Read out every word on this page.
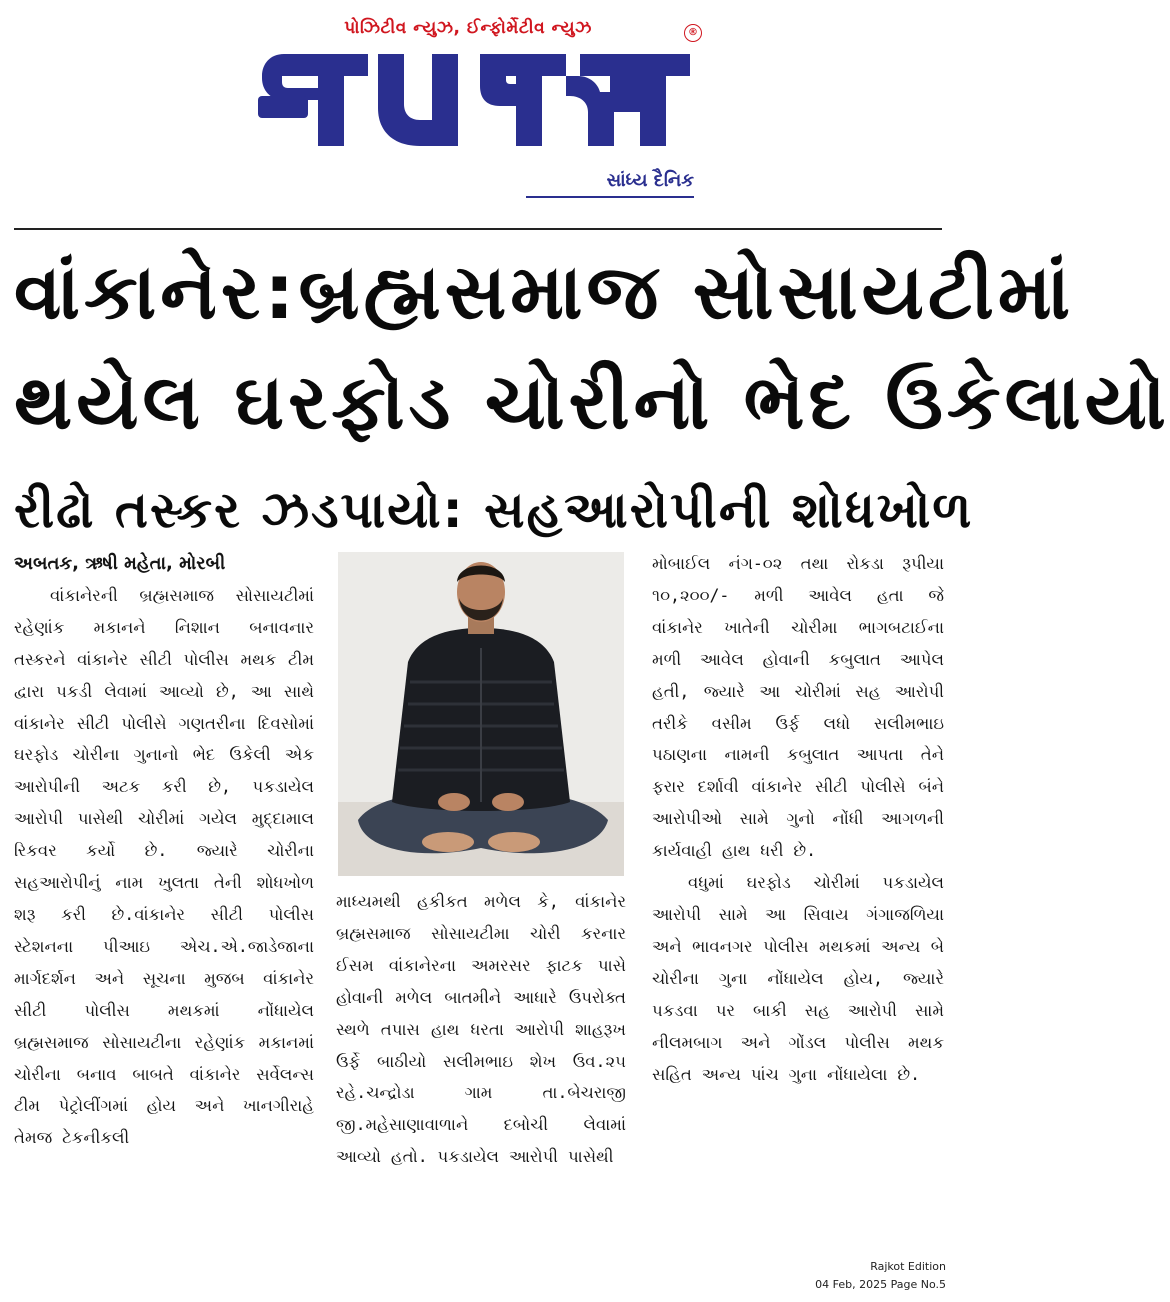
પોઝિટીવ ન્યુઝ, ઈન્ફોર્મેટીવ ન્યુઝ	®
સાંધ્ય દૈનિક
વાંકાનેર:બ્રહ્મસમાજ સોસાયટીમાં
થયેલ ઘરફોડ ચોરીનો ભેદ ઉકેલાયો
રીઢો તસ્કર ઝડપાયો: સહઆરોપીની શોધખોળ
અબતક, ઋષી મહેતા, મોરબી

વાંકાનેરની બ્રહ્મસમાજ સોસાયટીમાં રહેણાંક મકાનને નિશાન બનાવનાર તસ્કરને વાંકાનેર સીટી પોલીસ મથક ટીમ દ્વારા પકડી લેવામાં આવ્યો છે, આ સાથે વાંકાનેર સીટી પોલીસે ગણતરીના દિવસોમાં ઘરફોડ ચોરીના ગુનાનો ભેદ ઉકેલી એક આરોપીની અટક કરી છે, પકડાયેલ આરોપી પાસેથી ચોરીમાં ગયેલ મુદ્દામાલ રિકવર કર્યો છે. જ્યારે ચોરીના સહઆરોપીનું નામ ખુલતા તેની શોધખોળ શરૂ કરી છે.વાંકાનેર સીટી પોલીસ સ્ટેશનના પીઆઇ એચ.એ.જાડેજાના માર્ગદર્શન અને સૂચના મુજબ વાંકાનેર સીટી પોલીસ મથકમાં નોંધાયેલ બ્રહ્મસમાજ સોસાયટીના રહેણાંક મકાનમાં ચોરીના બનાવ બાબતે વાંકાનેર સર્વેલન્સ ટીમ પેટ્રોલીંગમાં હોય અને ખાનગીરાહે તેમજ ટેકનીકલી

માધ્યમથી હકીકત મળેલ કે, વાંકાનેર બ્રહ્મસમાજ સોસાયટીમા ચોરી કરનાર ઈસમ વાંકાનેરના અમરસર ફાટક પાસે હોવાની મળેલ બાતમીને આધારે ઉપરોક્ત સ્થળે તપાસ હાથ ધરતા આરોપી શાહરૂખ ઉર્ફે બાઠીયો સલીમભાઇ શેખ ઉવ.૨૫ રહે.ચન્દ્રોડા ગામ તા.બેચરાજી જી.મહેસાણાવાળાને દબોચી લેવામાં આવ્યો હતો. પકડાયેલ આરોપી પાસેથી

મોબાઈલ નંગ-૦૨ તથા રોકડા રૂપીયા ૧૦,૨૦૦/- મળી આવેલ હતા જે વાંકાનેર ખાતેની ચોરીમા ભાગબટાઈના મળી આવેલ હોવાની કબુલાત આપેલ હતી, જ્યારે આ ચોરીમાં સહ આરોપી તરીકે વસીમ ઉર્ફ લધો સલીમભાઇ પઠાણના નામની કબુલાત આપતા તેને ફરાર દર્શાવી વાંકાનેર સીટી પોલીસે બંને આરોપીઓ સામે ગુનો નોંધી આગળની કાર્યવાહી હાથ ધરી છે.

વધુમાં ઘરફોડ ચોરીમાં પકડાયેલ આરોપી સામે આ સિવાય ગંગાજળિયા અને ભાવનગર પોલીસ મથકમાં અન્ય બે ચોરીના ગુના નોંધાયેલ હોય, જ્યારે પકડવા પર બાકી સહ આરોપી સામે નીલમબાગ અને ગોંડલ પોલીસ મથક સહિત અન્ય પાંચ ગુના નોંધાયેલા છે.

Rajkot Edition
04 Feb, 2025 Page No.5
